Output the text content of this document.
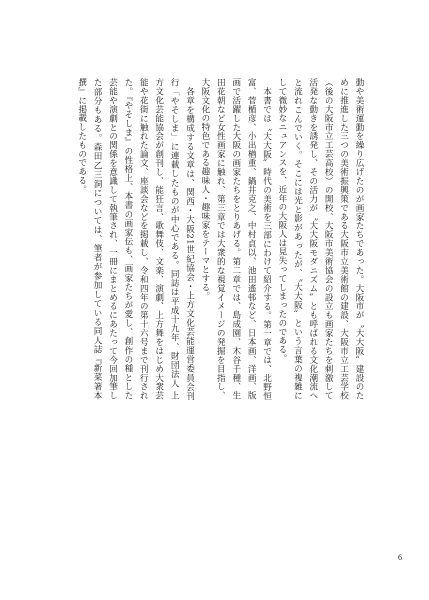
動や美術運動を繰り広げたのが画家たちであった。大阪市が〝大大阪〟建設のために推進した三つの美術振興策である大阪市立美術館の建設、大阪市立工芸学校（後の大阪市立工芸高校）の開校、大阪市美術協会の設立も画家たちを刺激して活発な動きを誘発し、その活力が〝大大阪モダニズム〟とも呼ばれる文化潮流へと流れこんでいく。そこには光と影があったが、〝大大阪〟という言葉の複雑にして微妙なニュアンスを、近年の大阪人は見失ってしまったのである。

本書では〝大大阪〟時代の美術を三部にわけて紹介する。第一章では、北野恒富、菅楯彦、小出楢重、鍋井克之、中村貞以、池田遙邨など、日本画、洋画、版画で活躍した大阪の画家たちをとりあげる。第二章では、島成園、木谷千種、生田花朝など女性画家に触れ、第三章では大衆的な視覚イメージの発掘を目指し、大阪文化の特色である趣味人・趣味家をテーマとする。

各章を構成する文章は、関西・大阪21世紀協会・上方文化芸能運営委員会刊行「やそしま」に連載したものが中心である。同誌は平成十九年、財団法人 上方文化芸能協会が創刊し、能狂言、歌舞伎、文楽、演劇、上方舞をはじめ大衆芸能や花街に触れた論文、座談会などを掲載し、令和四年の第十六号まで刊行された。『やそしま』の性格上、本書の画家伝も、画家たちが愛し、創作の種とした芸能や演劇との関係を意識して執筆され、一冊にまとめるにあたって今回加筆した部分もある。森田乙三洞については、筆者が参加している同人誌『新菜箸本撰』に掲載したものである。

6
